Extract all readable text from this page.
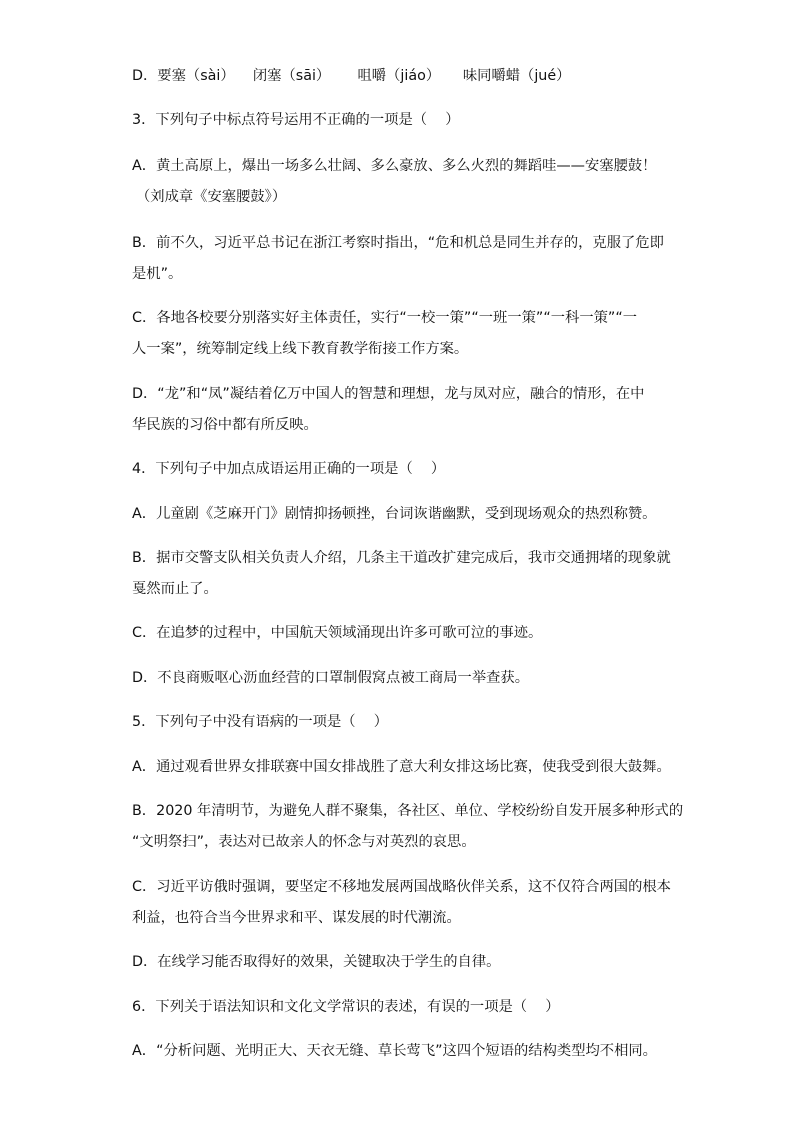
D．要塞（sài）    闭塞（sāi）      咀嚼（jiáo）     味同嚼蜡（jué）
3．下列句子中标点符号运用不正确的一项是（    ）
A．黄土高原上，爆出一场多么壮阔、多么豪放、多么火烈的舞蹈哇——安塞腰鼓！
（刘成章《安塞腰鼓》）
B．前不久，习近平总书记在浙江考察时指出，“危和机总是同生并存的，克服了危即
是机”。
C．各地各校要分别落实好主体责任，实行“一校一策”“一班一策”“一科一策”“一
人一案”，统筹制定线上线下教育教学衔接工作方案。
D．“龙”和“凤”凝结着亿万中国人的智慧和理想，龙与凤对应，融合的情形，在中
华民族的习俗中都有所反映。
4．下列句子中加点成语运用正确的一项是（    ）
A．儿童剧《芝麻开门》剧情抑扬顿挫，台词诙谐幽默，受到现场观众的热烈称赞。
B．据市交警支队相关负责人介绍，几条主干道改扩建完成后，我市交通拥堵的现象就
戛然而止了。
C．在追梦的过程中，中国航天领域涌现出许多可歌可泣的事迹。
D．不良商贩呕心沥血经营的口罩制假窝点被工商局一举查获。
5．下列句子中没有语病的一项是（    ）
A．通过观看世界女排联赛中国女排战胜了意大利女排这场比赛，使我受到很大鼓舞。
B．2020 年清明节，为避免人群不聚集，各社区、单位、学校纷纷自发开展多种形式的
“文明祭扫”，表达对已故亲人的怀念与对英烈的哀思。
C．习近平访俄时强调，要坚定不移地发展两国战略伙伴关系，这不仅符合两国的根本
利益，也符合当今世界求和平、谋发展的时代潮流。
D．在线学习能否取得好的效果，关键取决于学生的自律。
6．下列关于语法知识和文化文学常识的表述，有误的一项是（    ）
A．“分析问题、光明正大、天衣无缝、草长莺飞”这四个短语的结构类型均不相同。
